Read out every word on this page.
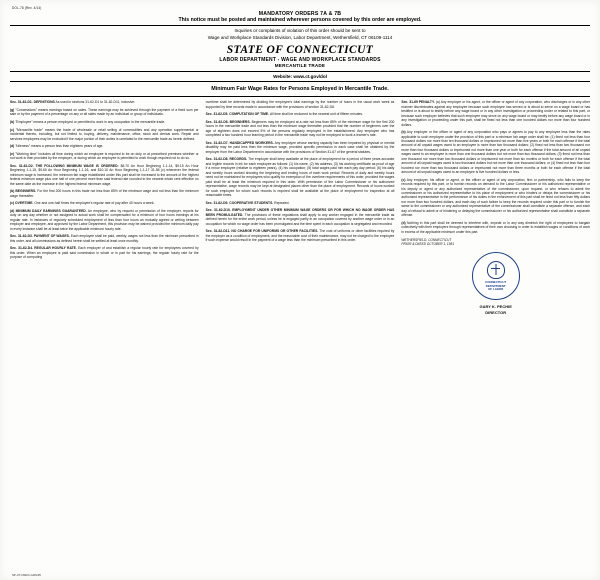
DOL-78 (Rev. 4/14)
MANDATORY ORDERS 7A & 7B
This notice must be posted and maintained wherever persons covered by this order are employed.
Inquiries or complaints of violation of this order should be sent to
Wage and Workplace Standards Division, Labor Department, Wethersfield, CT 06109-1114
STATE OF CONNECTICUT
LABOR DEPARTMENT - WAGE AND WORKPLACE STANDARDS
MERCANTILE TRADE
Website: www.ct.gov/dol
Minimum Fair Wage Rates for Persons Employed in Mercantile Trade.

Sec. 31-62-D1. DEFINITIONS As used in sections 31-62-D1 to 31-62-D11, inclusive:

(g) "Concessions" means earnings based on sales. These earnings may be achieved through the payment of a fixed sum per sale or by the payment of a percentage on any or all sales made by an individual or group of individuals.

(b) "Employee" means a person employed or permitted to work in any occupation in the mercantile trade.

(c) "Mercantile trade" means the trade of wholesale or retail selling of commodities and any operation supplemental or incidental thereto, including, but not limited to, buying, delivery, maintenance, office, stock and clerical work. Repair and services employees may be excluded if the major portion of their duties is unrelated to the mercantile trade as herein defined.

(d) "Idleness" means a person less than eighteen years of age.

(e) "Working time" includes all time during which an employee is required to be on duty or at prescribed premises whether or not work is then provided by the employer, or during which an employee is permitted to work though required not to do so.

Sec. 31-62-D2. THE FOLLOWING MINIMUM WAGE IS ORDERED: $8.70 An Hour Beginning 1-1-14, $9.15 An Hour Beginning 1-1-15, $9.60 An Hour Beginning 1-1-16, and $10.10 An Hour Beginning 1-1-17 31-58 (c) whenever the federal minimum wage is increased, the minimum fair wage established under this part shall be increased to the amount of the highest federal minimum wage plus one half of one percent more than said federal rate rounded to the nearest whole cent effective on the same date as the increase in the highest federal minimum wage.

(b) BEGINNERS. For the first 200 hours in this trade not less than 85% of the minimum wage and not less than the minimum wage thereafter.

(c) OVERTIME. One and one-half times the employee's regular rate of pay after 40 hours a week.

(d) MINIMUM DAILY EARNINGS GUARANTEED. An employee, who by request or permission of the employer, reports for duty on any day whether or not assigned to actual work shall be compensated for a minimum of four hours earnings at his regular rate. In instances of regularly scheduled employment of less than four hours an mutually agreed or writing between employer and employee, and approved by the Labor Department, this provision may be waived provided the minimum daily pay in every instance shall be at least twice the applicable minimum hourly rate.

Sec. 31-62-D3. PAYMENT OF WAGES. Each employee shall be paid, weekly, wages not less than the minimum prescribed in this order, and all commissions as defined herein shall be settled at least once monthly.

Sec. 31-62-D4. REGULAR HOURLY RATE. Each employer of and establish a regular hourly rate for employees covered by this order. When an employee is paid said commission in whole or in part for his earnings, the regular hourly rate for the purpose of computing

overtime shall be determined by dividing the employee's total earnings by the number of hours in the usual work week as supported by time records made in accordance with the provisions of section 31-62-D8.

Sec. 31-62-D5. COMPUTATION OF TIME. All time shall be reckoned to the nearest unit of fifteen minutes.

Sec. 31-62-D6. BEGINNERS. Beginners may be employed at a rate not less than 85% of the minimum wage for the first 200 hours in the mercantile trade and not less than the minimum wage thereafter provided that the number of beginners over the age of eighteen does not exceed 5% of the persons regularly employed in the establishment. Any employee who has completed a two hundred hour learning period in the mercantile trade may not be employed to work a learner's rate.

Sec. 31-62-D7. HANDICAPPED WORKERS. Any employee whose earning capacity has been impaired by physical or mental disability may be paid less than the minimum wage, provided specific permission in each case shall be obtained by the employer from the Labor Department in accordance with the provisions of Section 31-67 of the general statutes.

Sec. 31-62-D8. RECORDS. The employer shall keep available at the place of employment for a period of three years accurate and legible records in ink for each employee as follows: (1) his name, (2) his address, (3) his working certificate as proof of age if a minor employee (relative to eighteen years), (4) his occupation; (5) total wages paid him each pay day period; (6) his daily and weekly hours worked showing the beginning and ending hours of each work period. Records of daily and weekly hours need not be maintained for employees who qualify for exemption of the overtime requirements of this order, provided the wages paid shall be at least the minimum required in this order. With permission of the Labor Commissioner or his authorized representative, wage records may be kept at designated places other than the place of employment. Records of hours worked for such employee for whom such records is required shall be available at the place of employment for inspection at all reasonable times.

Sec. 31-62-D9. COOPERATIVE STUDENTS. Repealed.

Sec. 31-62-D10. EMPLOYMENT UNDER OTHER MINIMUM WAGE ORDERS OR FOR WHICH NO WAGE ORDER HAS BEEN PROMULGATED. The provisions of these regulations shall apply to any worker engaged in the mercantile trade as defined herein for the entire work period, unless he is engaged partly in an occupation covered by another wage order or in an occupation for which no wage order has been promulgated and the time spent in each occupation is segregated and recorded.

Sec. 31-62-D11. NO CHARGE FOR UNIFORMS OR OTHER FACILITIES. The cost of uniforms or other facilities required by the employer as a condition of employment, and the reasonable cost of their maintenance, may not be charged to the employee if such expense would result in the payment of a wage less than the minimum prescribed in this order.

Sec. 31-69 PENALTY. (a) Any employer or his agent, or the officer or agent of any corporation, who discharges or in any other manner discriminates against any employee because such employee has served or is about to serve on a wage board or has testified or is about to testify before any wage board or in any other investigation or proceeding under or related to this part, or because such employer believes that such employee may serve on any wage board or may testify before any wage board or in any investigation or proceeding under this part, shall be fined not less than one hundred dollars nor more than four hundred dollars.

(b) Any employer or the officer or agent of any corporation who pays or agrees to pay to any employee less than the rates applicable to such employee under the provision of this part or a minimum fair wage order shall be: (1) fined not less than four thousand dollars nor more than ten thousand dollars or imprisoned not more than five years or both for each offense if the total amount of all unpaid wages owed to an employee is more than two thousand dollars; (2) fined not less than two thousand nor more than four thousand dollars or imprisoned not more than one year or both for each offense if the total amount of all unpaid wages owed to an employee is more than one thousand dollars but not more than two thousand dollars; (3) fined not less than one thousand nor more than two thousand dollars or imprisoned not more than six months or both for each offense if the total amount of all unpaid wages owed is two thousand dollars but not more than one thousand dollars; or (4) fined not less than four hundred nor more than two thousand dollars or imprisoned not more than three months or both for each offense if the total amount of all unpaid wages owed to an employee is five hundred dollars or less.

(c) Any employer, his officer or agent, or the officer or agent of any corporation, firm or partnership, who fails to keep the records required by this part, or to furnish records on demand to the Labor Commissioner or his authorized representative or his deputy or agent or any authorized representative of the commissioner, upon request, or who refuses to admit the commissioner or his authorized representative to his place of employment or who hinders or delays the commissioner or his authorized representative in the performance of his duties in the enforcement of this part shall be fined not less than fifty dollars nor more than two hundred dollars, and each day of such failure to keep the records required under this part or to furnish the same to the commissioner or any authorized representative of the commissioner shall constitute a separate offense, and each day of refusal to admit or of hindering or delaying the commissioner or his authorized representative shall constitute a separate offense.

(d) Nothing in this part shall be deemed to interfere with, impede or in any way diminish the right of employees to bargain collectively with their employers through representatives of their own choosing in order to establish wages or conditions of work in excess of the applicable minimum under this part.

WETHERSFIELD, CONNECTICUT
PRIOR & DATED OCTOBER 1, 1951
CONNECTICUT
DEPARTMENT
OF LABOR
GARY K. PECHIE
DIRECTOR
SP-CT-NSRC-G/06/25
